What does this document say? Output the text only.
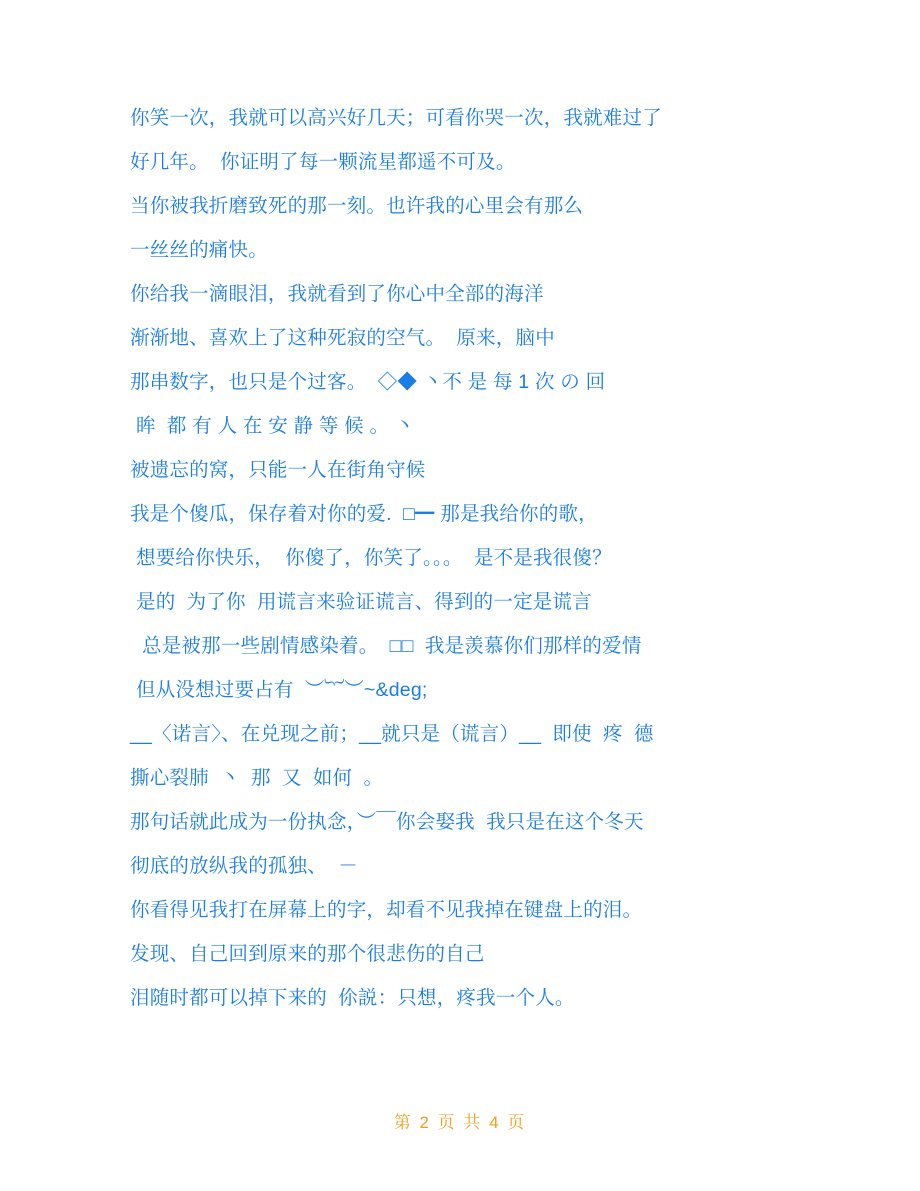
你笑一次，我就可以高兴好几天；可看你哭一次，我就难过了
好几年。  你证明了每一颗流星都遥不可及。
当你被我折磨致死的那一刻。也许我的心里会有那么
一丝丝的痛快。
你给我一滴眼泪，我就看到了你心中全部的海洋
渐渐地、喜欢上了这种死寂的空气。  原来，脑中
那串数字，也只是个过客。  ◇◆ 丶不 是 每 1 次 の 回
眸  都 有 人 在 安 静 等 候 。 丶
被遗忘的窝，只能一人在街角守候
我是个傻瓜，保存着对你的爱.  □━ 那是我给你的歌，
想要给你快乐，  你傻了，你笑了。。。  是不是我很傻？
是的  为了你  用谎言来验证谎言、得到的一定是谎言
总是被那一些剧情感染着。  □□  我是羡慕你们那样的爱情
但从没想过要占有  ︶︸︶~&deg;
__〈诺言〉、在兑现之前；__就只是（谎言）__  即使  疼  德
撕心裂肺  丶  那  又  如何  。
那句话就此成为一份执念，︶￣你会娶我  我只是在这个冬天
彻底的放纵我的孤独、  －
你看得见我打在屏幕上的字，却看不见我掉在键盘上的泪。
发现、自己回到原来的那个很悲伤的自己
泪随时都可以掉下来的  伱説：只想，疼我一个人。
第 2 页 共 4 页
